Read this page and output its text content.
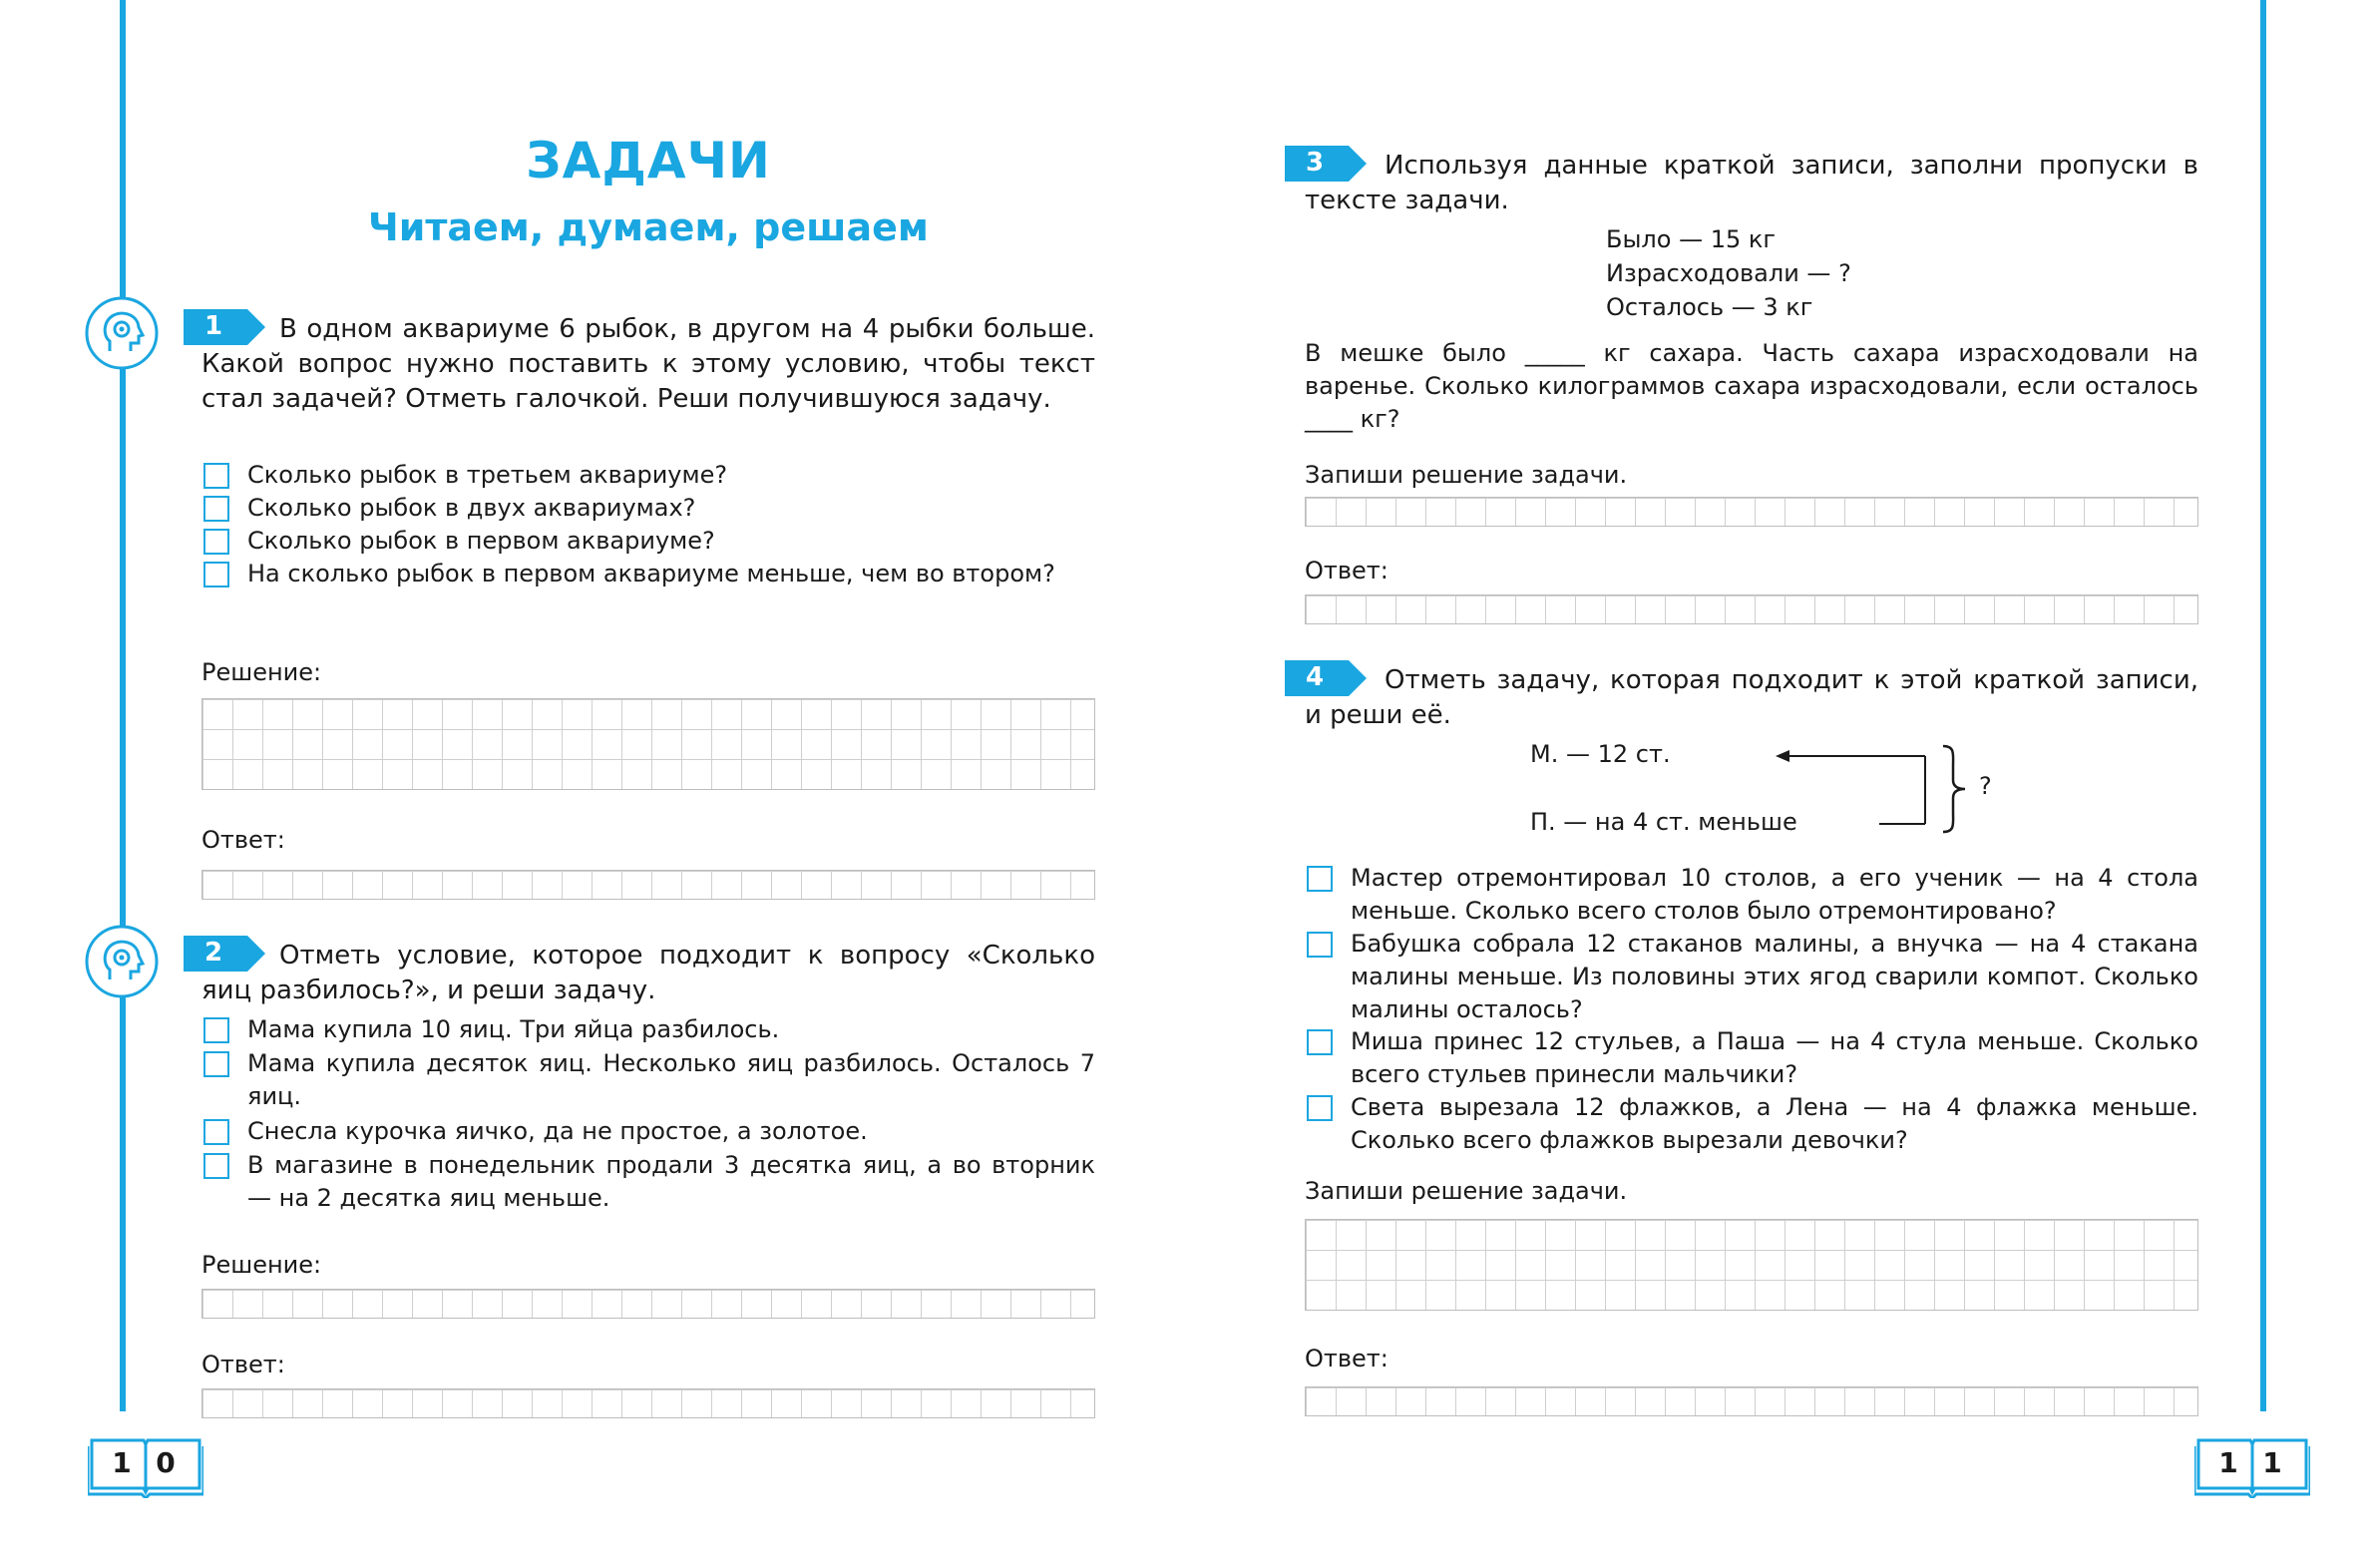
ЗАДАЧИ
Читаем, думаем, решаем
1	В одном аквариуме 6 рыбок, в другом на 4 рыбки больше. Какой вопрос нужно поставить к этому условию, чтобы текст стал задачей? Отметь галочкой. Реши получившуюся задачу.
Сколько рыбок в третьем аквариуме?
Сколько рыбок в двух аквариумах?
Сколько рыбок в первом аквариуме?
На сколько рыбок в первом аквариуме меньше, чем во втором?
Решение:
Ответ:
2	Отметь условие, которое подходит к вопросу «Сколько яиц разбилось?», и реши задачу.
Мама купила 10 яиц. Три яйца разбилось.
Мама купила десяток яиц. Несколько яиц разбилось. Осталось 7 яиц.
Снесла курочка яичко, да не простое, а золотое.
В магазине в понедельник продали 3 десятка яиц, а во вторник — на 2 десятка яиц меньше.
Решение:
Ответ:
1 0
3	Используя данные краткой записи, заполни пропуски в тексте задачи.
Было — 15 кг
Израсходовали — ?
Осталось — 3 кг
В мешке было _____ кг сахара. Часть сахара израсходовали на варенье. Сколько килограммов сахара израсходовали, если осталось ____ кг?
Запиши решение задачи.
Ответ:
4	Отметь задачу, которая подходит к этой краткой записи, и реши её.
М. — 12 ст.
П. — на 4 ст. меньше
?
Мастер отремонтировал 10 столов, а его ученик — на 4 стола меньше. Сколько всего столов было отремонтировано?
Бабушка собрала 12 стаканов малины, а внучка — на 4 стакана малины меньше. Из половины этих ягод сварили компот. Сколько малины осталось?
Миша принес 12 стульев, а Паша — на 4 стула меньше. Сколько всего стульев принесли мальчики?
Света вырезала 12 флажков, а Лена — на 4 флажка меньше. Сколько всего флажков вырезали девочки?
Запиши решение задачи.
Ответ:
1 1
